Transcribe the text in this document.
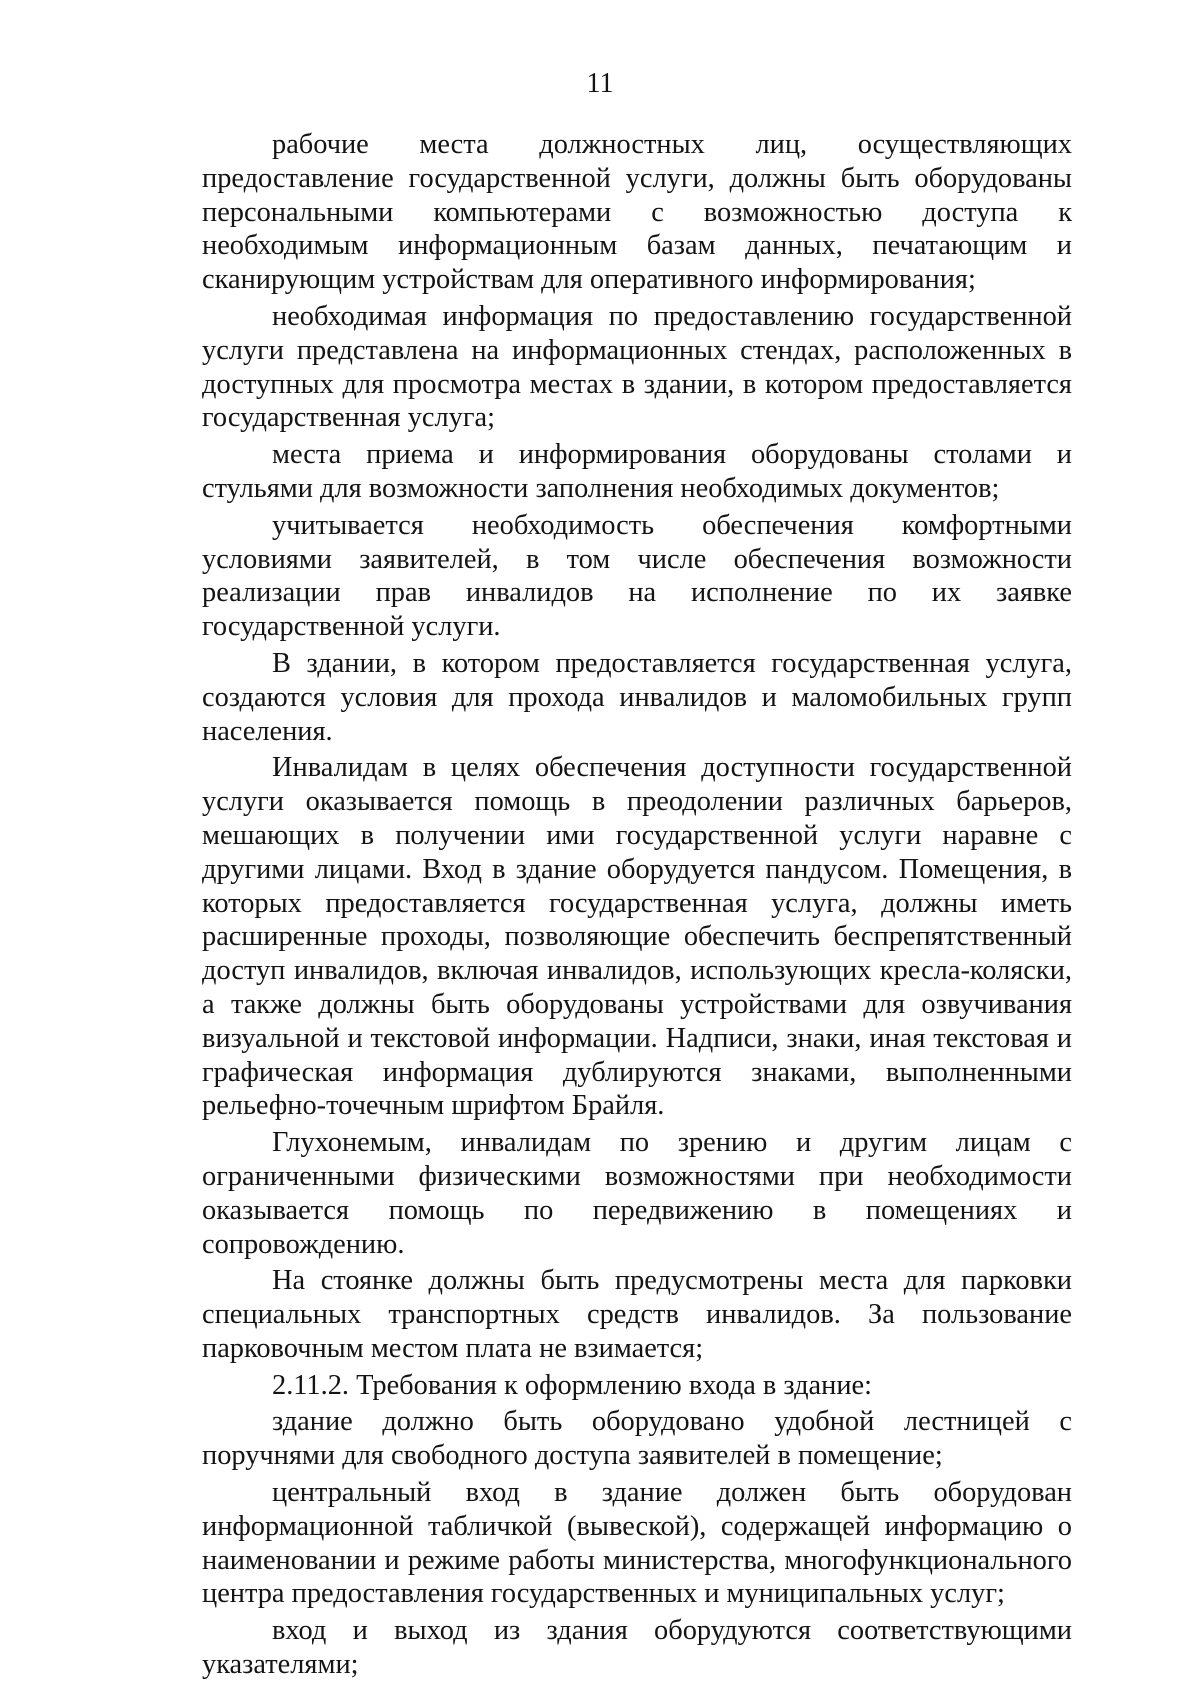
11

рабочие места должностных лиц, осуществляющих предоставление государственной услуги, должны быть оборудованы персональными компьютерами с возможностью доступа к необходимым информационным базам данных, печатающим и сканирующим устройствам для оперативного информирования;

необходимая информация по предоставлению государственной услуги представлена на информационных стендах, расположенных в доступных для просмотра местах в здании, в котором предоставляется государственная услуга;

места приема и информирования оборудованы столами и стульями для возможности заполнения необходимых документов;

учитывается необходимость обеспечения комфортными условиями заявителей, в том числе обеспечения возможности реализации прав инвалидов на исполнение по их заявке государственной услуги.

В здании, в котором предоставляется государственная услуга, создаются условия для прохода инвалидов и маломобильных групп населения.

Инвалидам в целях обеспечения доступности государственной услуги оказывается помощь в преодолении различных барьеров, мешающих в получении ими государственной услуги наравне с другими лицами. Вход в здание оборудуется пандусом. Помещения, в которых предоставляется государственная услуга, должны иметь расширенные проходы, позволяющие обеспечить беспрепятственный доступ инвалидов, включая инвалидов, использующих кресла-коляски, а также должны быть оборудованы устройствами для озвучивания визуальной и текстовой информации. Надписи, знаки, иная текстовая и графическая информация дублируются знаками, выполненными рельефно-точечным шрифтом Брайля.

Глухонемым, инвалидам по зрению и другим лицам с ограниченными физическими возможностями при необходимости оказывается помощь по передвижению в помещениях и сопровождению.

На стоянке должны быть предусмотрены места для парковки специальных транспортных средств инвалидов. За пользование парковочным местом плата не взимается;

2.11.2. Требования к оформлению входа в здание:

здание должно быть оборудовано удобной лестницей с поручнями для свободного доступа заявителей в помещение;

центральный вход в здание должен быть оборудован информационной табличкой (вывеской), содержащей информацию о наименовании и режиме работы министерства, многофункционального центра предоставления государственных и муниципальных услуг;

вход и выход из здания оборудуются соответствующими указателями;
